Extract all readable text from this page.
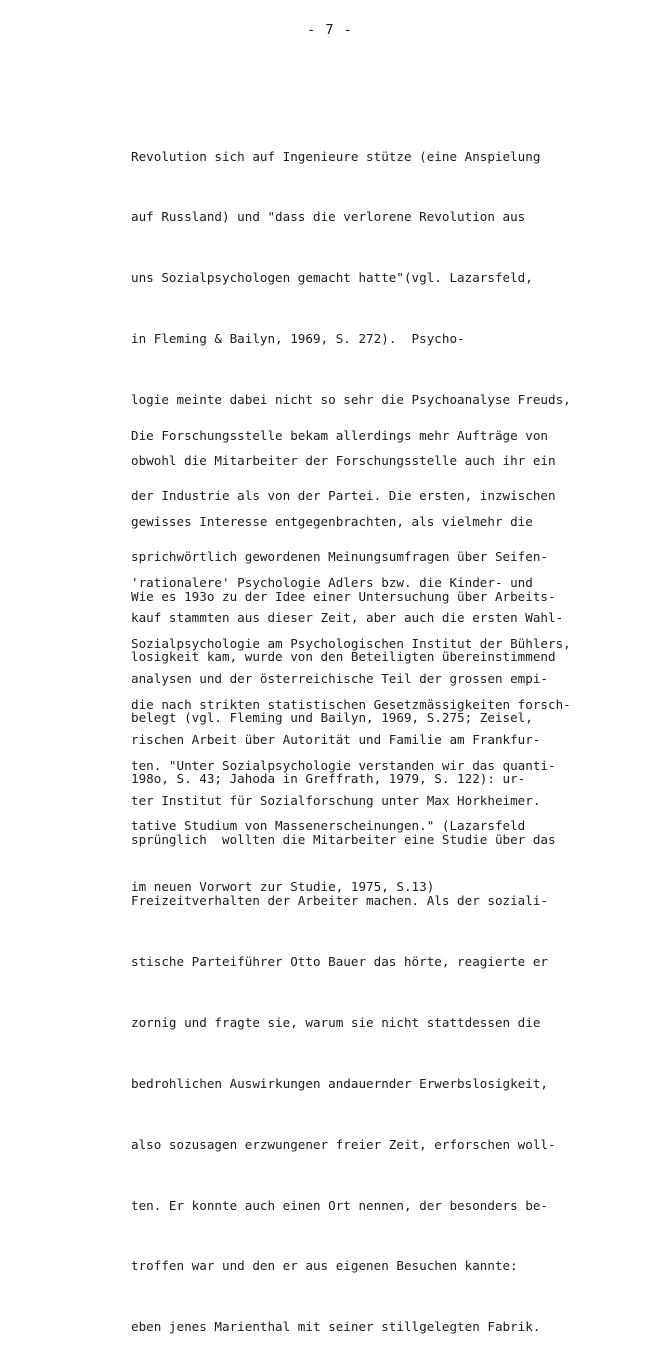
- 7 -

Revolution sich auf Ingenieure stütze (eine Anspielung

auf Russland) und "dass die verlorene Revolution aus

uns Sozialpsychologen gemacht hatte"(vgl. Lazarsfeld,

in Fleming & Bailyn, 1969, S. 272).  Psycho-

logie meinte dabei nicht so sehr die Psychoanalyse Freuds,

obwohl die Mitarbeiter der Forschungsstelle auch ihr ein

gewisses Interesse entgegenbrachten, als vielmehr die

'rationalere' Psychologie Adlers bzw. die Kinder- und

Sozialpsychologie am Psychologischen Institut der Bühlers,

die nach strikten statistischen Gesetzmässigkeiten forsch-

ten. "Unter Sozialpsychologie verstanden wir das quanti-

tative Studium von Massenerscheinungen." (Lazarsfeld

im neuen Vorwort zur Studie, 1975, S.13)

Die Forschungsstelle bekam allerdings mehr Aufträge von

der Industrie als von der Partei. Die ersten, inzwischen

sprichwörtlich gewordenen Meinungsumfragen über Seifen-

kauf stammten aus dieser Zeit, aber auch die ersten Wahl-

analysen und der österreichische Teil der grossen empi-

rischen Arbeit über Autorität und Familie am Frankfur-

ter Institut für Sozialforschung unter Max Horkheimer.

Wie es 193o zu der Idee einer Untersuchung über Arbeits-

losigkeit kam, wurde von den Beteiligten übereinstimmend

belegt (vgl. Fleming und Bailyn, 1969, S.275; Zeisel,

198o, S. 43; Jahoda in Greffrath, 1979, S. 122): ur-

sprünglich  wollten die Mitarbeiter eine Studie über das

Freizeitverhalten der Arbeiter machen. Als der soziali-

stische Parteiführer Otto Bauer das hörte, reagierte er

zornig und fragte sie, warum sie nicht stattdessen die

bedrohlichen Auswirkungen andauernder Erwerbslosigkeit,

also sozusagen erzwungener freier Zeit, erforschen woll-

ten. Er konnte auch einen Ort nennen, der besonders be-

troffen war und den er aus eigenen Besuchen kannte:

eben jenes Marienthal mit seiner stillgelegten Fabrik.
